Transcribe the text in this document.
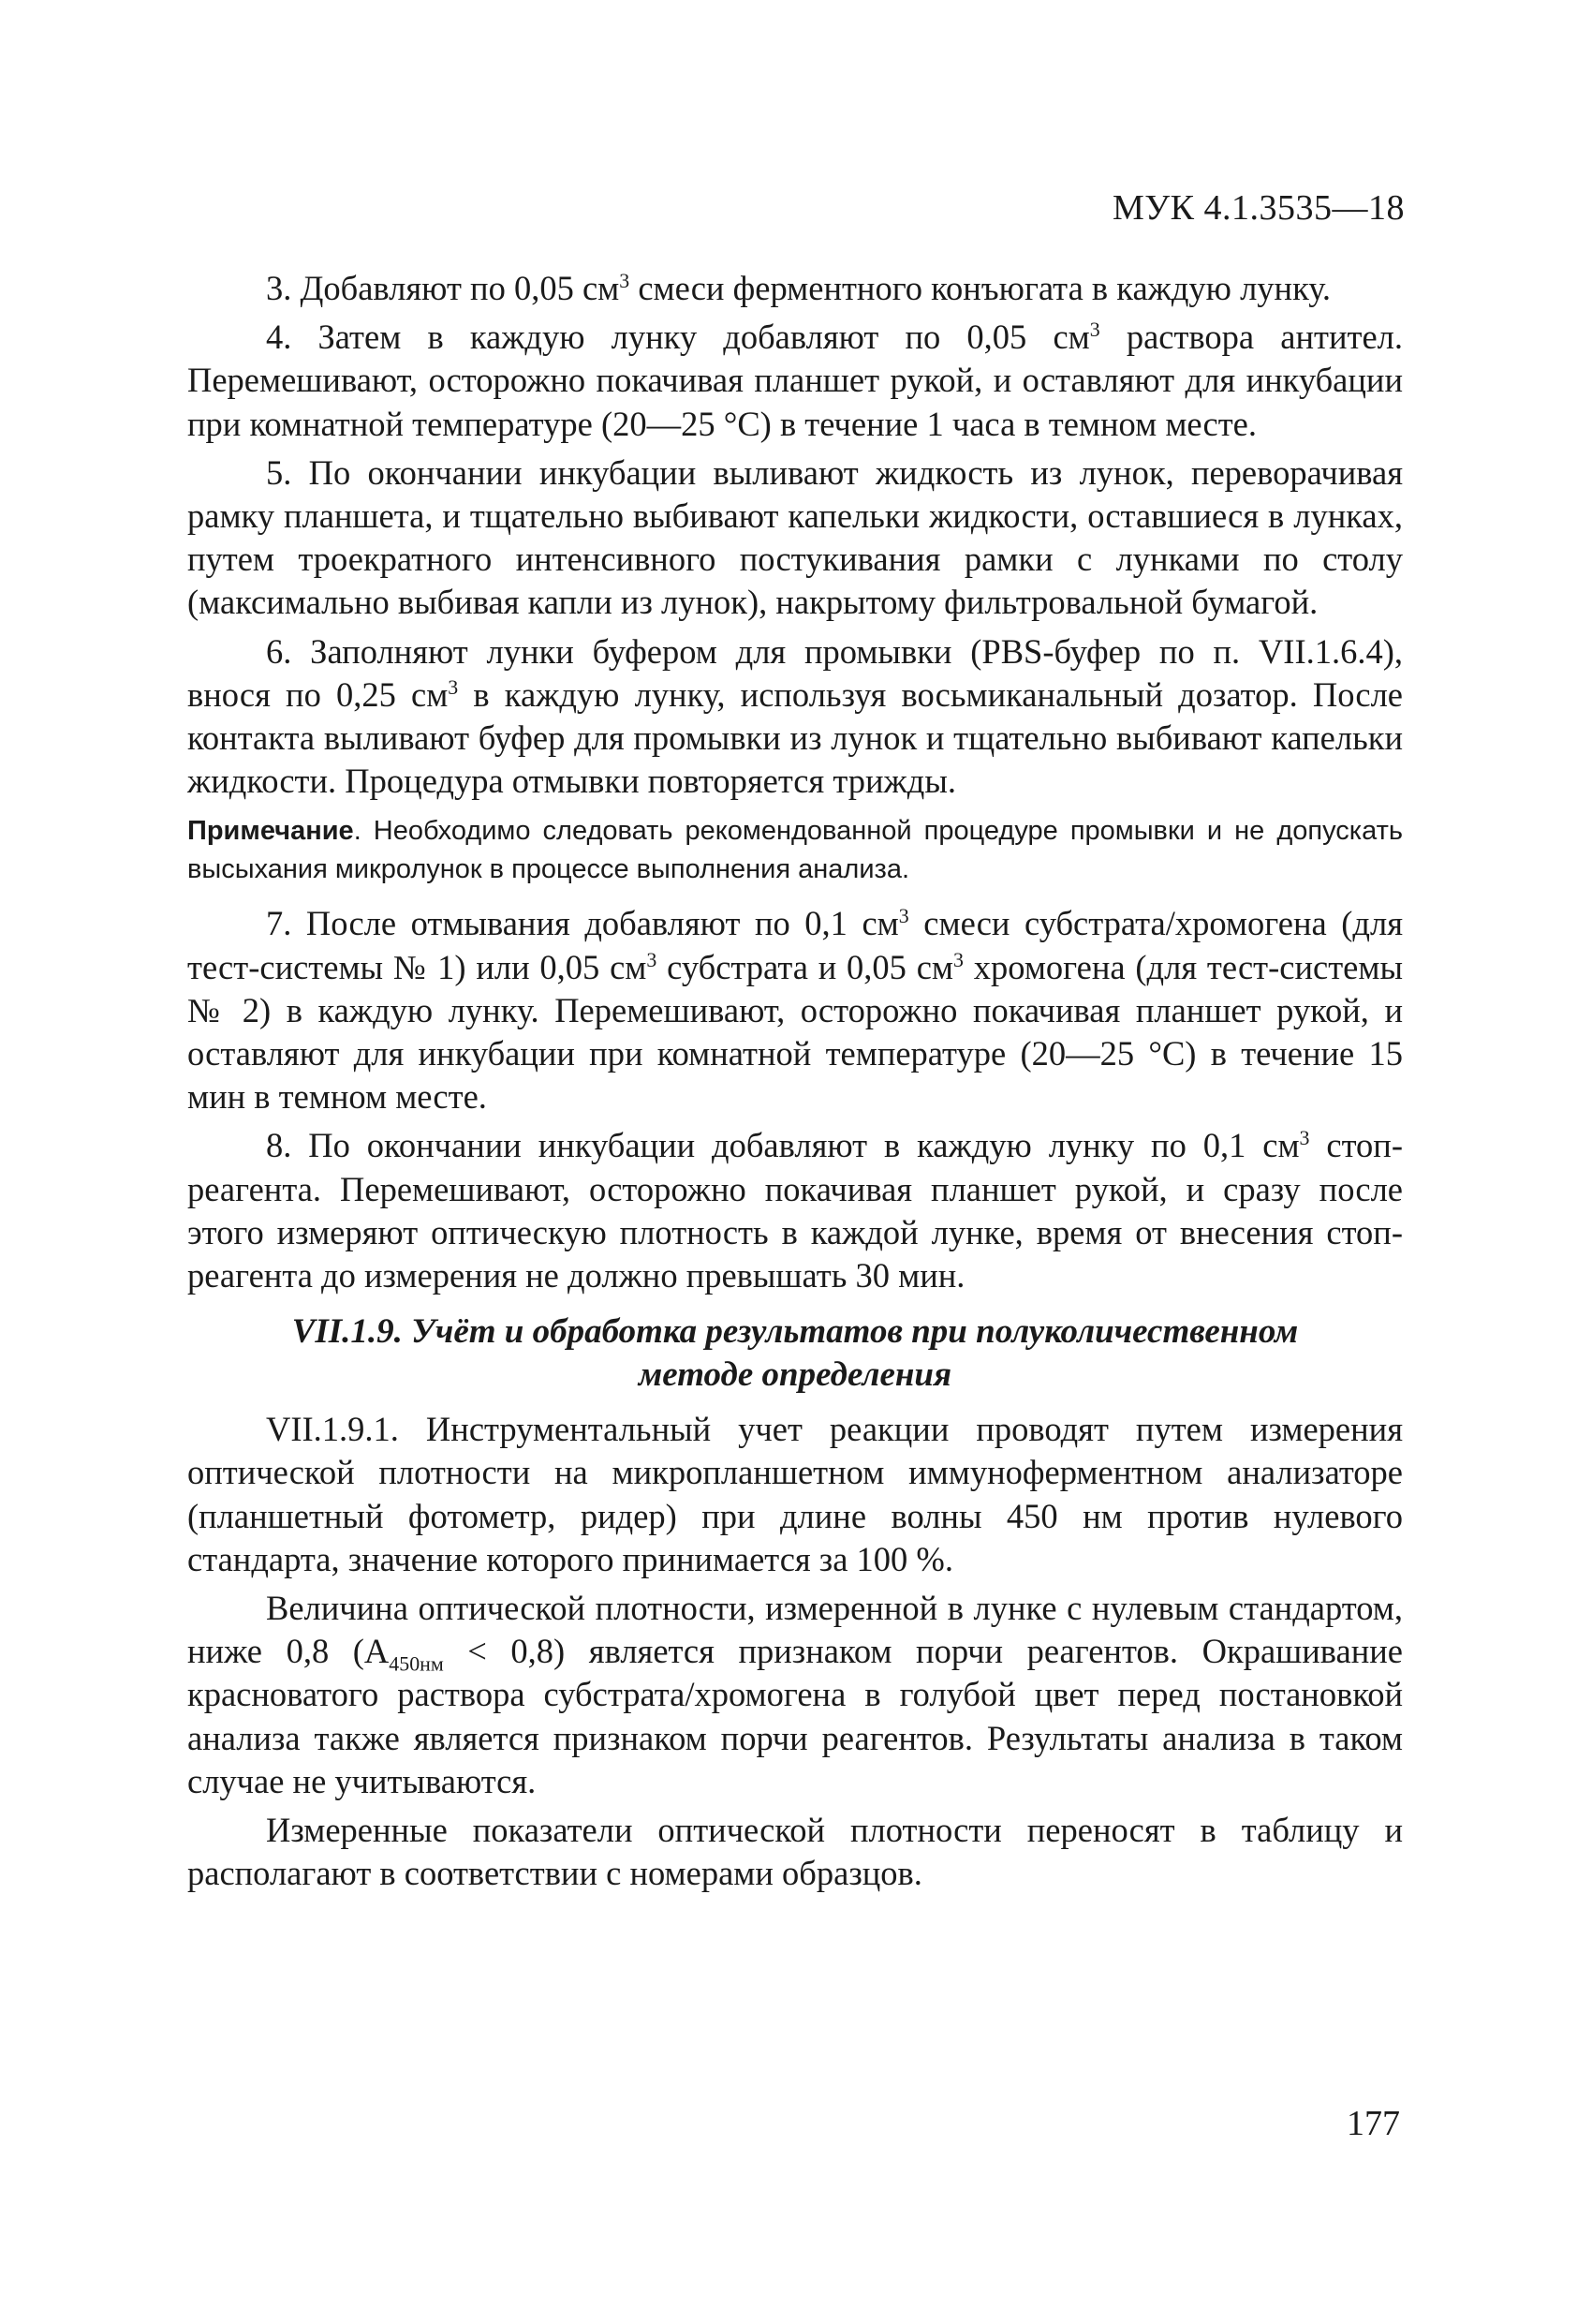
МУК 4.1.3535—18

3. Добавляют по 0,05 $см^3$ смеси ферментного конъюгата в каждую лунку.

4. Затем в каждую лунку добавляют по 0,05 $см^3$ раствора антител. Перемешивают, осторожно покачивая планшет рукой, и оставляют для инкубации при комнатной температуре (20—25 °С) в течение 1 часа в темном месте.

5. По окончании инкубации выливают жидкость из лунок, переворачивая рамку планшета, и тщательно выбивают капельки жидкости, оставшиеся в лунках, путем троекратного интенсивного постукивания рамки с лунками по столу (максимально выбивая капли из лунок), накрытому фильтровальной бумагой.

6. Заполняют лунки буфером для промывки (PBS-буфер по п. VII.1.6.4), внося по 0,25 $см^3$ в каждую лунку, используя восьмиканальный дозатор. После контакта выливают буфер для промывки из лунок и тщательно выбивают капельки жидкости. Процедура отмывки повторяется трижды.

Примечание. Необходимо следовать рекомендованной процедуре промывки и не допускать высыхания микролунок в процессе выполнения анализа.

7. После отмывания добавляют по 0,1 $см^3$ смеси субстрата/хромогена (для тест-системы № 1) или 0,05 $см^3$ субстрата и 0,05 $см^3$ хромогена (для тест-системы № 2) в каждую лунку. Перемешивают, осторожно покачивая планшет рукой, и оставляют для инкубации при комнатной температуре (20—25 °С) в течение 15 мин в темном месте.

8. По окончании инкубации добавляют в каждую лунку по 0,1 $см^3$ стоп-реагента. Перемешивают, осторожно покачивая планшет рукой, и сразу после этого измеряют оптическую плотность в каждой лунке, время от внесения стоп-реагента до измерения не должно превышать 30 мин.

VII.1.9. Учёт и обработка результатов при полуколичественном методе определения

VII.1.9.1. Инструментальный учет реакции проводят путем измерения оптической плотности на микропланшетном иммуноферментном анализаторе (планшетный фотометр, ридер) при длине волны 450 нм против нулевого стандарта, значение которого принимается за 100 %.

Величина оптической плотности, измеренной в лунке с нулевым стандартом, ниже 0,8 $(A_{450нм} < 0,8)$ является признаком порчи реагентов. Окрашивание красноватого раствора субстрата/хромогена в голубой цвет перед постановкой анализа также является признаком порчи реагентов. Результаты анализа в таком случае не учитываются.

Измеренные показатели оптической плотности переносят в таблицу и располагают в соответствии с номерами образцов.

177
